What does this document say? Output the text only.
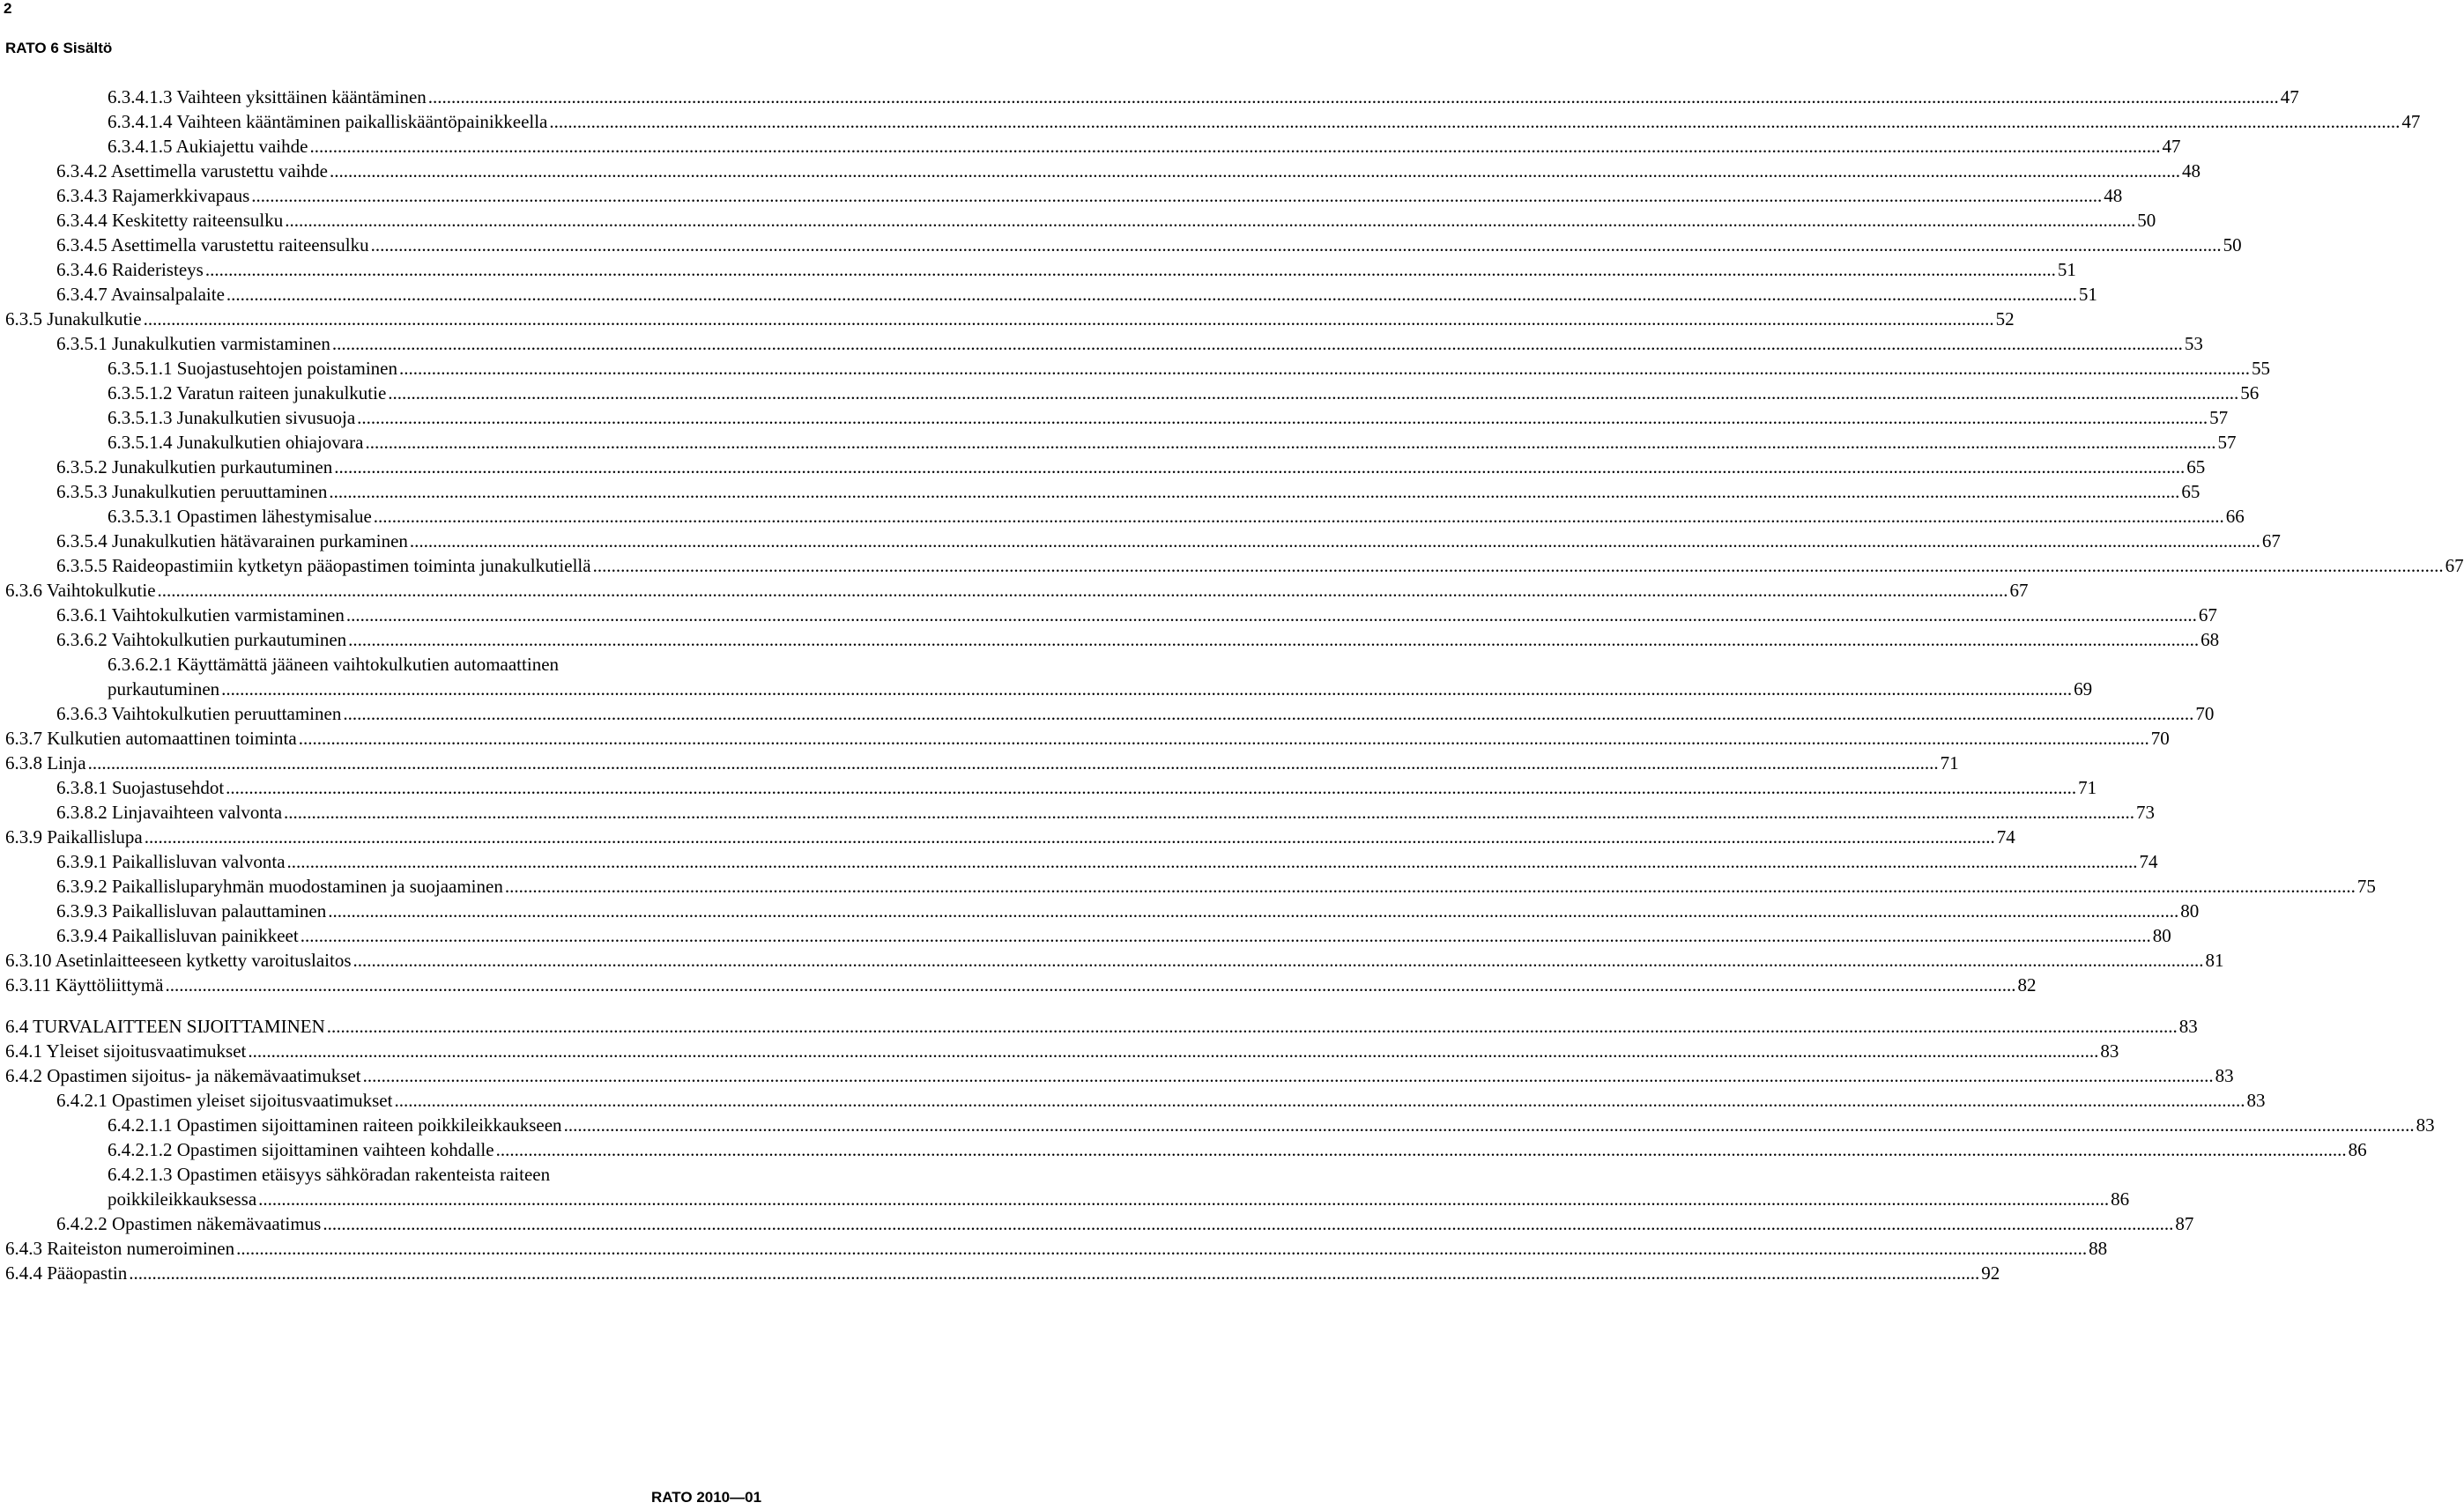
2
RATO 6 Sisältö
6.3.4.1.3 Vaihteen yksittäinen kääntäminen ................................................................................................................................................................................................................................................................................................................................................................................................................ 47
6.3.4.1.4 Vaihteen kääntäminen paikalliskääntöpainikkeella ................................................................................................................................................................................................................................................................................................................................................................................................................ 47
6.3.4.1.5 Aukiajettu vaihde ................................................................................................................................................................................................................................................................................................................................................................................................................ 47
6.3.4.2 Asettimella varustettu vaihde ................................................................................................................................................................................................................................................................................................................................................................................................................ 48
6.3.4.3 Rajamerkkivapaus ................................................................................................................................................................................................................................................................................................................................................................................................................ 48
6.3.4.4 Keskitetty raiteensulku ................................................................................................................................................................................................................................................................................................................................................................................................................ 50
6.3.4.5 Asettimella varustettu raiteensulku ................................................................................................................................................................................................................................................................................................................................................................................................................ 50
6.3.4.6 Raideristeys ................................................................................................................................................................................................................................................................................................................................................................................................................ 51
6.3.4.7 Avainsalpalaite ................................................................................................................................................................................................................................................................................................................................................................................................................ 51
6.3.5 Junakulkutie ................................................................................................................................................................................................................................................................................................................................................................................................................ 52
6.3.5.1 Junakulkutien varmistaminen ................................................................................................................................................................................................................................................................................................................................................................................................................ 53
6.3.5.1.1 Suojastusehtojen poistaminen ................................................................................................................................................................................................................................................................................................................................................................................................................ 55
6.3.5.1.2 Varatun raiteen junakulkutie ................................................................................................................................................................................................................................................................................................................................................................................................................ 56
6.3.5.1.3 Junakulkutien sivusuoja ................................................................................................................................................................................................................................................................................................................................................................................................................ 57
6.3.5.1.4 Junakulkutien ohiajovara ................................................................................................................................................................................................................................................................................................................................................................................................................ 57
6.3.5.2 Junakulkutien purkautuminen ................................................................................................................................................................................................................................................................................................................................................................................................................ 65
6.3.5.3 Junakulkutien peruuttaminen ................................................................................................................................................................................................................................................................................................................................................................................................................ 65
6.3.5.3.1 Opastimen lähestymisalue ................................................................................................................................................................................................................................................................................................................................................................................................................ 66
6.3.5.4 Junakulkutien hätävarainen purkaminen ................................................................................................................................................................................................................................................................................................................................................................................................................ 67
6.3.5.5 Raideopastimiin kytketyn pääopastimen toiminta junakulkutiellä ................................................................................................................................................................................................................................................................................................................................................................................................................ 67
6.3.6 Vaihtokulkutie ................................................................................................................................................................................................................................................................................................................................................................................................................ 67
6.3.6.1 Vaihtokulkutien varmistaminen ................................................................................................................................................................................................................................................................................................................................................................................................................ 67
6.3.6.2 Vaihtokulkutien purkautuminen ................................................................................................................................................................................................................................................................................................................................................................................................................ 68
6.3.6.2.1 Käyttämättä jääneen vaihtokulkutien automaattinen
purkautuminen ................................................................................................................................................................................................................................................................................................................................................................................................................ 69
6.3.6.3 Vaihtokulkutien peruuttaminen ................................................................................................................................................................................................................................................................................................................................................................................................................ 70
6.3.7 Kulkutien automaattinen toiminta ................................................................................................................................................................................................................................................................................................................................................................................................................ 70
6.3.8 Linja ................................................................................................................................................................................................................................................................................................................................................................................................................ 71
6.3.8.1 Suojastusehdot ................................................................................................................................................................................................................................................................................................................................................................................................................ 71
6.3.8.2 Linjavaihteen valvonta ................................................................................................................................................................................................................................................................................................................................................................................................................ 73
6.3.9 Paikallislupa ................................................................................................................................................................................................................................................................................................................................................................................................................ 74
6.3.9.1 Paikallisluvan valvonta ................................................................................................................................................................................................................................................................................................................................................................................................................ 74
6.3.9.2 Paikallisluparyhmän muodostaminen ja suojaaminen ................................................................................................................................................................................................................................................................................................................................................................................................................ 75
6.3.9.3 Paikallisluvan palauttaminen ................................................................................................................................................................................................................................................................................................................................................................................................................ 80
6.3.9.4 Paikallisluvan painikkeet ................................................................................................................................................................................................................................................................................................................................................................................................................ 80
6.3.10 Asetinlaitteeseen kytketty varoituslaitos ................................................................................................................................................................................................................................................................................................................................................................................................................ 81
6.3.11 Käyttöliittymä ................................................................................................................................................................................................................................................................................................................................................................................................................ 82
6.4 TURVALAITTEEN SIJOITTAMINEN ................................................................................................................................................................................................................................................................................................................................................................................................................ 83
6.4.1 Yleiset sijoitusvaatimukset ................................................................................................................................................................................................................................................................................................................................................................................................................ 83
6.4.2 Opastimen sijoitus- ja näkemävaatimukset ................................................................................................................................................................................................................................................................................................................................................................................................................ 83
6.4.2.1 Opastimen yleiset sijoitusvaatimukset ................................................................................................................................................................................................................................................................................................................................................................................................................ 83
6.4.2.1.1 Opastimen sijoittaminen raiteen poikkileikkaukseen ................................................................................................................................................................................................................................................................................................................................................................................................................ 83
6.4.2.1.2 Opastimen sijoittaminen vaihteen kohdalle ................................................................................................................................................................................................................................................................................................................................................................................................................ 86
6.4.2.1.3 Opastimen etäisyys sähköradan rakenteista raiteen
poikkileikkauksessa ................................................................................................................................................................................................................................................................................................................................................................................................................ 86
6.4.2.2 Opastimen näkemävaatimus ................................................................................................................................................................................................................................................................................................................................................................................................................ 87
6.4.3 Raiteiston numeroiminen ................................................................................................................................................................................................................................................................................................................................................................................................................ 88
6.4.4 Pääopastin ................................................................................................................................................................................................................................................................................................................................................................................................................ 92
RATO 2010—01
